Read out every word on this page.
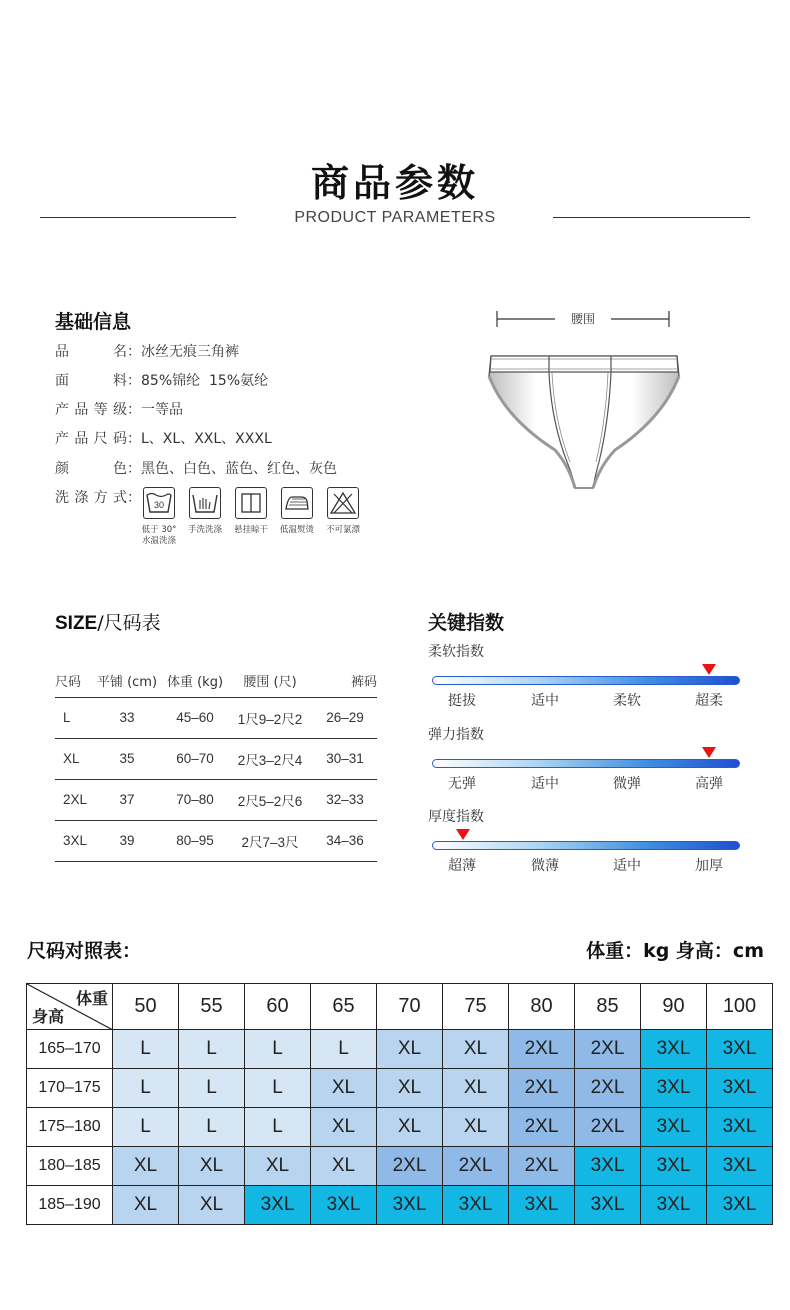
商品参数
PRODUCT PARAMETERS
基础信息
品名：冰丝无痕三角裤
面料：85%锦纶  15%氨纶
产品等级：一等品
产品尺码：L、XL、XXL、XXXL
颜色：黑色、白色、蓝色、红色、灰色
洗涤方式： 30
低于 30°
水温洗涤
手洗洗涤	悬挂晾干	低温熨烫	不可氯漂
腰围
SIZE/尺码表
尺码	平铺 (cm)	体重 (kg)	腰围 (尺)	裤码
L	33	45–60	1尺9–2尺2	26–29
XL	35	60–70	2尺3–2尺4	30–31
2XL	37	70–80	2尺5–2尺6	32–33
3XL	39	80–95	2尺7–3尺	34–36
关键指数
柔软指数
挺拔	适中	柔软	超柔
弹力指数
无弹	适中	微弹	高弹
厚度指数
超薄	微薄	适中	加厚
尺码对照表：	体重：kg 身高：cm
体重
身高	50	55	60	65	70	75	80	85	90	100
165–170	L	L	L	L	XL	XL	2XL	2XL	3XL	3XL
170–175	L	L	L	XL	XL	XL	2XL	2XL	3XL	3XL
175–180	L	L	L	XL	XL	XL	2XL	2XL	3XL	3XL
180–185	XL	XL	XL	XL	2XL	2XL	2XL	3XL	3XL	3XL
185–190	XL	XL	3XL	3XL	3XL	3XL	3XL	3XL	3XL	3XL
